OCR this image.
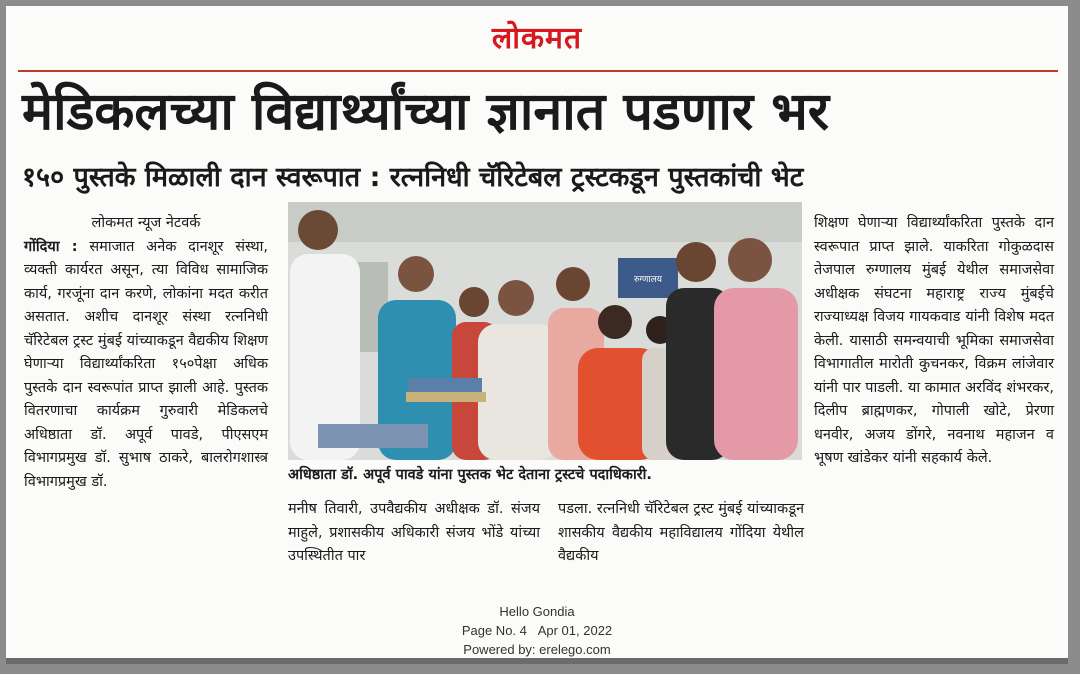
लोकमत
मेडिकलच्या विद्यार्थ्यांच्या ज्ञानात पडणार भर
१५० पुस्तके मिळाली दान स्वरूपात : रत्ननिधी चॅरिटेबल ट्रस्टकडून पुस्तकांची भेट
लोकमत न्यूज नेटवर्क
गोंदिया : समाजात अनेक दानशूर संस्था, व्यक्ती कार्यरत असून, त्या विविध सामाजिक कार्य, गरजूंना दान करणे, लोकांना मदत करीत असतात. अशीच दानशूर संस्था रत्ननिधी चॅरिटेबल ट्रस्ट मुंबई यांच्याकडून वैद्यकीय शिक्षण घेणाऱ्या विद्यार्थ्यांकरिता १५०पेक्षा अधिक पुस्तके दान स्वरूपांत प्राप्त झाली आहे. पुस्तक वितरणाचा कार्यक्रम गुरुवारी मेडिकलचे अधिष्ठाता डॉ. अपूर्व पावडे, पीएसएम विभागप्रमुख डॉ. सुभाष ठाकरे, बालरोगशास्त्र विभागप्रमुख डॉ.
रुग्णालय
अधिष्ठाता डॉ. अपूर्व पावडे यांना पुस्तक भेट देताना ट्रस्टचे पदाधिकारी.
मनीष तिवारी, उपवैद्यकीय अधीक्षक डॉ. संजय माहुले, प्रशासकीय अधिकारी संजय भोंडे यांच्या उपस्थितीत पार
पडला. रत्ननिधी चॅरिटेबल ट्रस्ट मुंबई यांच्याकडून शासकीय वैद्यकीय महाविद्यालय गोंदिया येथील वैद्यकीय
शिक्षण घेणाऱ्या विद्यार्थ्यांकरिता पुस्तके दान स्वरूपात प्राप्त झाले. याकरिता गोकुळदास तेजपाल रुग्णालय मुंबई येथील समाजसेवा अधीक्षक संघटना महाराष्ट्र राज्य मुंबईचे राज्याध्यक्ष विजय गायकवाड यांनी विशेष मदत केली. यासाठी समन्वयाची भूमिका समाजसेवा विभागातील मारोती कुचनकर, विक्रम लांजेवार यांनी पार पाडली. या कामात अरविंद शंभरकर, दिलीप ब्राह्मणकर, गोपाली खोटे, प्रेरणा धनवीर, अजय डोंगरे, नवनाथ महाजन व भूषण खांडेकर यांनी सहकार्य केले.
Hello Gondia
Page No. 4 Apr 01, 2022
Powered by: erelego.com
